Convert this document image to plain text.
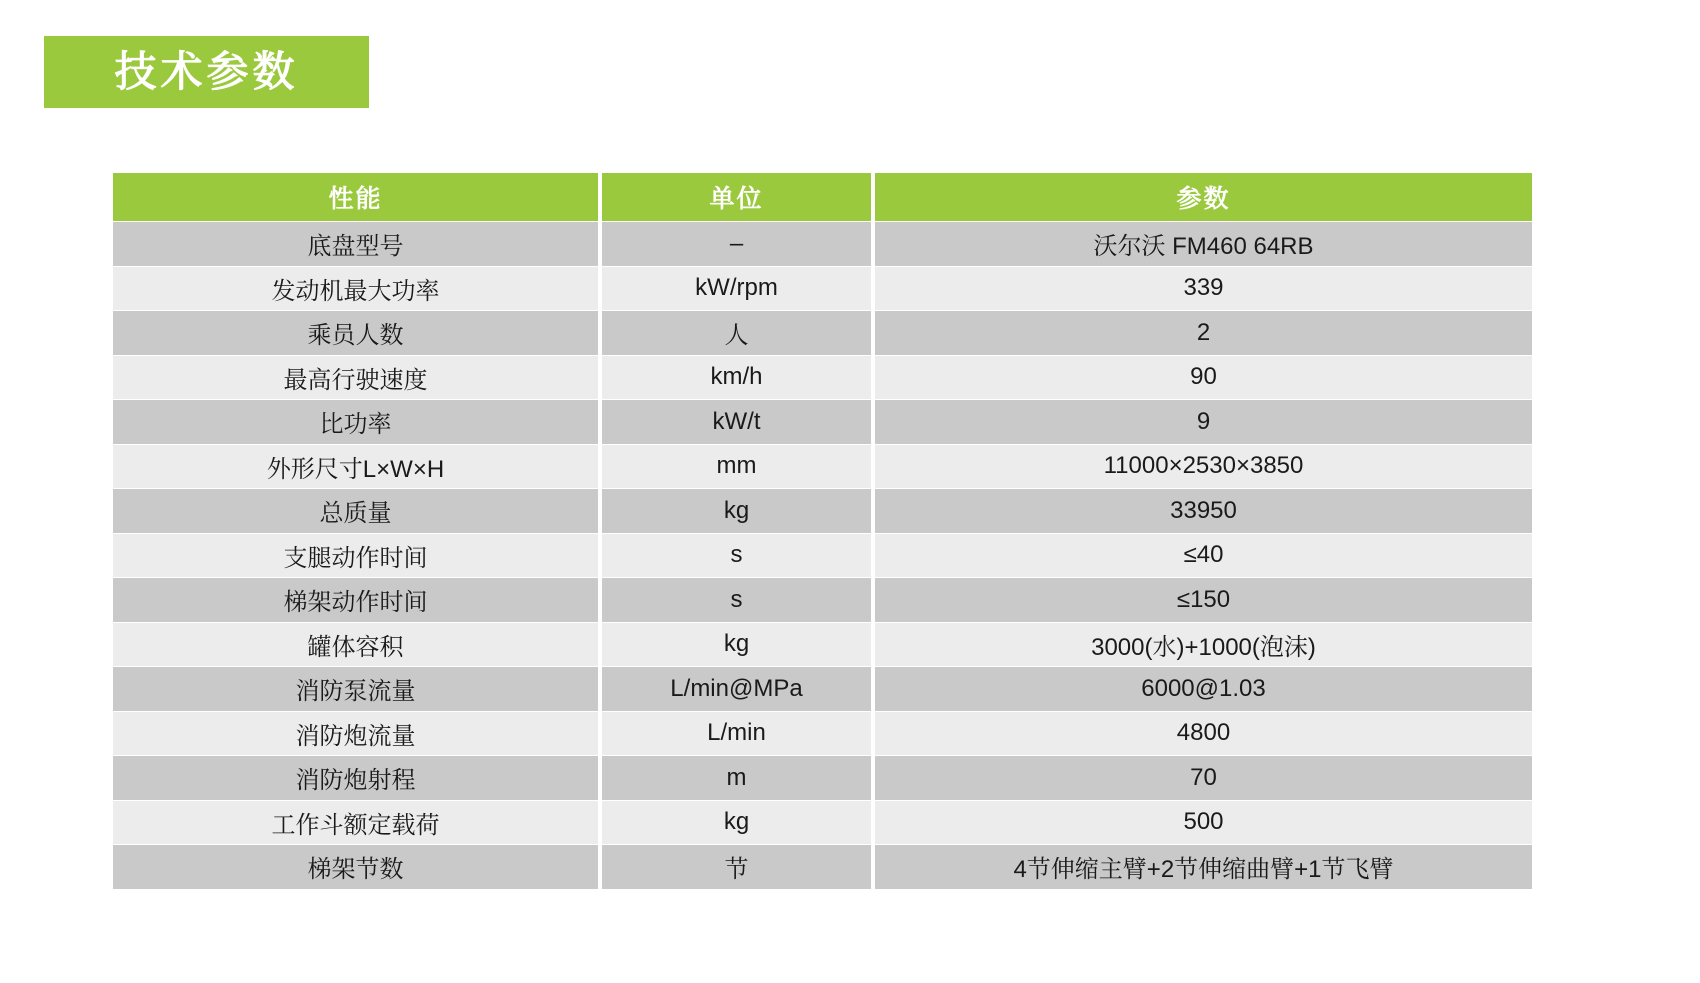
技术参数
性能	单位	参数
底盘型号	–	沃尔沃 FM460 64RB
发动机最大功率	kW/rpm	339
乘员人数	人	2
最高行驶速度	km/h	90
比功率	kW/t	9
外形尺寸L×W×H	mm	11000×2530×3850
总质量	kg	33950
支腿动作时间	s	≤40
梯架动作时间	s	≤150
罐体容积	kg	3000(水)+1000(泡沫)
消防泵流量	L/min@MPa	6000@1.03
消防炮流量	L/min	4800
消防炮射程	m	70
工作斗额定载荷	kg	500
梯架节数	节	4节伸缩主臂+2节伸缩曲臂+1节飞臂
